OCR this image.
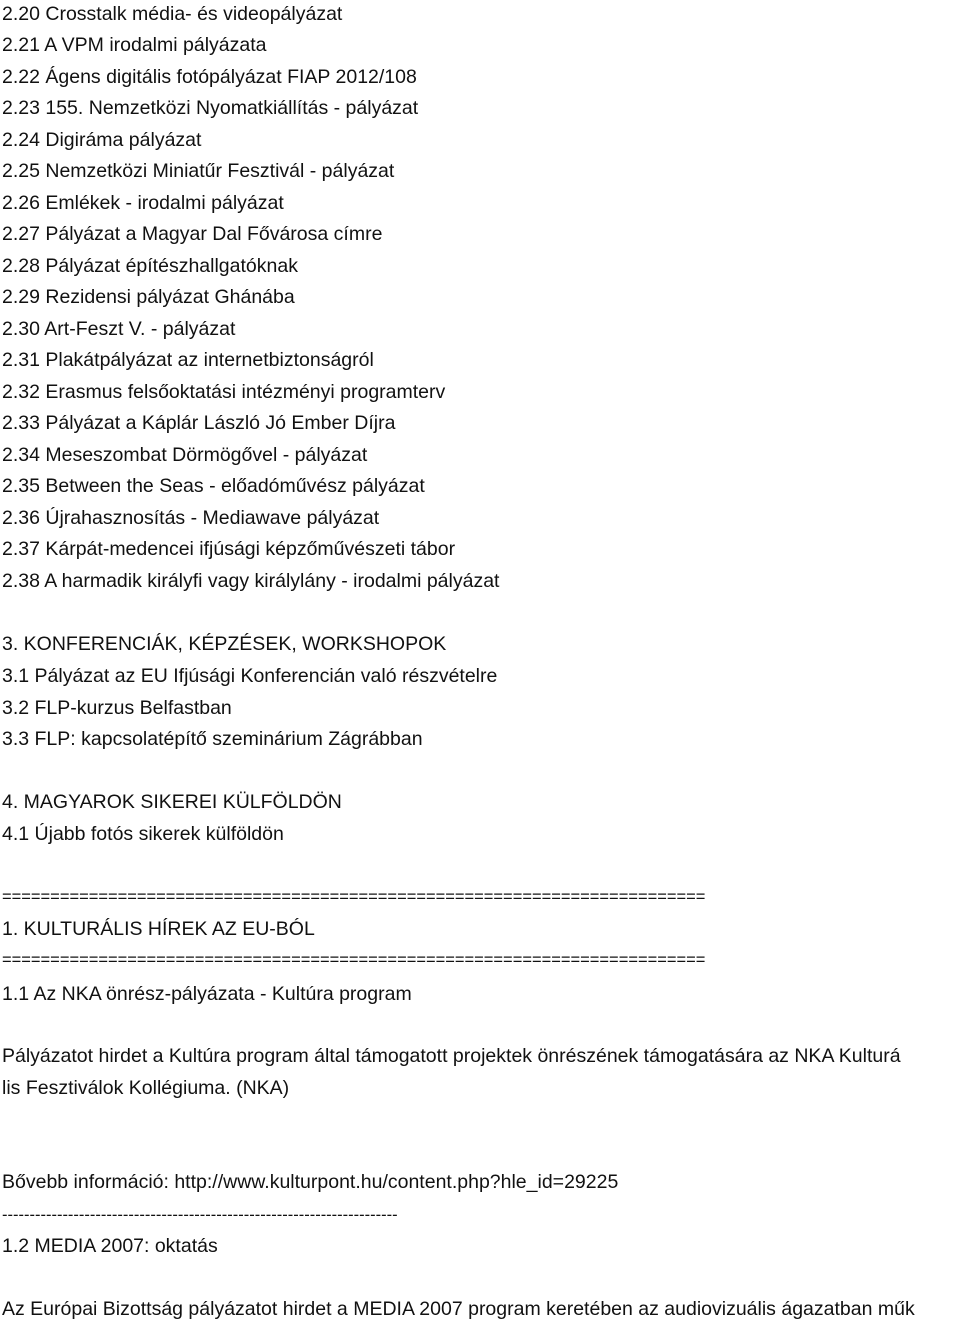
2.20 Crosstalk média- és videopályázat

2.21 A VPM irodalmi pályázata

2.22 Ágens digitális fotópályázat FIAP 2012/108

2.23 155. Nemzetközi Nyomatkiállítás - pályázat

2.24 Digiráma pályázat

2.25 Nemzetközi Miniatűr Fesztivál - pályázat

2.26 Emlékek - irodalmi pályázat

2.27 Pályázat a Magyar Dal Fővárosa címre

2.28 Pályázat építészhallgatóknak

2.29 Rezidensi pályázat Ghánába

2.30 Art-Feszt V. - pályázat

2.31 Plakátpályázat az internetbiztonságról

2.32 Erasmus felsőoktatási intézményi programterv

2.33 Pályázat a Káplár László Jó Ember Díjra

2.34 Meseszombat Dörmögővel - pályázat

2.35 Between the Seas - előadóművész pályázat

2.36 Újrahasznosítás - Mediawave pályázat

2.37 Kárpát-medencei ifjúsági képzőművészeti tábor

2.38 A harmadik királyfi vagy királylány - irodalmi pályázat

3. KONFERENCIÁK, KÉPZÉSEK, WORKSHOPOK

3.1 Pályázat az EU Ifjúsági Konferencián való részvételre

3.2 FLP-kurzus Belfastban

3.3 FLP: kapcsolatépítő szeminárium Zágrábban

4. MAGYAROK SIKEREI KÜLFÖLDÖN

4.1 Újabb fotós sikerek külföldön

=========================================================================

1. KULTURÁLIS HÍREK AZ EU-BÓL

=========================================================================

1.1 Az NKA önrész-pályázata - Kultúra program

Pályázatot hirdet a Kultúra program által támogatott projektek önrészének támogatására az NKA Kulturá

lis Fesztiválok Kollégiuma. (NKA)

Bővebb információ: http://www.kulturpont.hu/content.php?hle_id=29225

------------------------------------------------------------------------

1.2 MEDIA 2007: oktatás

Az Európai Bizottság pályázatot hirdet a MEDIA 2007 program keretében az audiovizuális ágazatban műk
